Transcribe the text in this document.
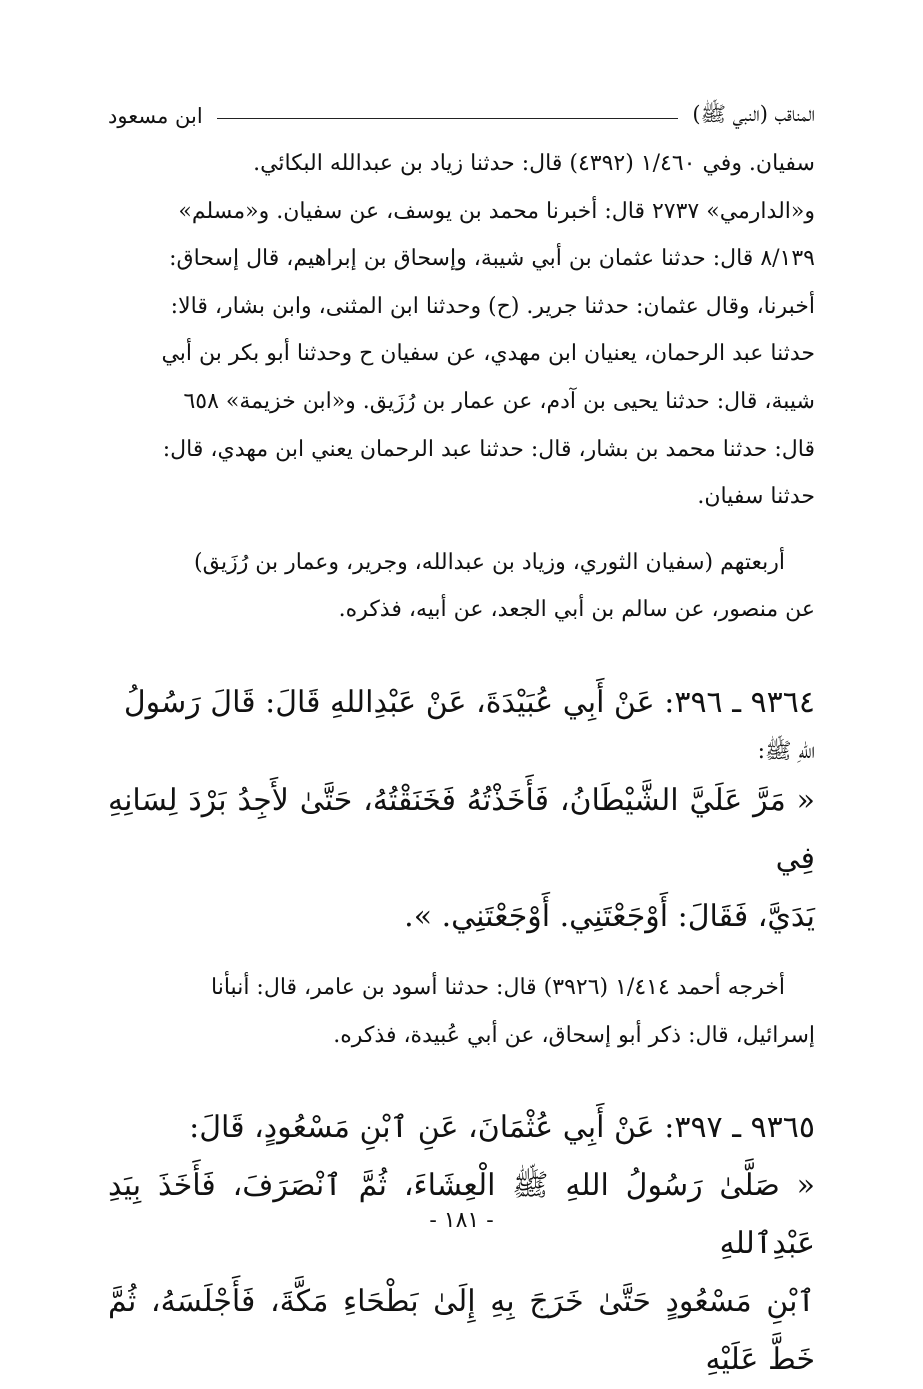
المناقب (النبي ﷺ)
ابن مسعود

سفيان. وفي ١/٤٦٠ (٤٣٩٢) قال: حدثنا زياد بن عبدالله البكائي.

و«الدارمي» ٢٧٣٧ قال: أخبرنا محمد بن يوسف، عن سفيان. و«مسلم»

٨/١٣٩ قال: حدثنا عثمان بن أبي شيبة، وإسحاق بن إبراهيم، قال إسحاق:

أخبرنا، وقال عثمان: حدثنا جرير. (ح) وحدثنا ابن المثنى، وابن بشار، قالا:

حدثنا عبد الرحمان، يعنيان ابن مهدي، عن سفيان ح وحدثنا أبو بكر بن أبي

شيبة، قال: حدثنا يحيى بن آدم، عن عمار بن رُزَيق. و«ابن خزيمة» ٦٥٨

قال: حدثنا محمد بن بشار، قال: حدثنا عبد الرحمان يعني ابن مهدي، قال:

حدثنا سفيان.

أربعتهم (سفيان الثوري، وزياد بن عبدالله، وجرير، وعمار بن رُزَيق)

عن منصور، عن سالم بن أبي الجعد، عن أبيه، فذكره.

٩٣٦٤ ـ ٣٩٦: عَنْ أَبِي عُبَيْدَةَ، عَنْ عَبْدِاللهِ قَالَ: قَالَ رَسُولُ

اللهِ ﷺ:

« مَرَّ عَلَيَّ الشَّيْطَانُ، فَأَخَذْتُهُ فَخَنَقْتُهُ، حَتَّىٰ لأَجِدُ بَرْدَ لِسَانِهِ فِي

يَدَيَّ، فَقَالَ: أَوْجَعْتَنِي. أَوْجَعْتَنِي. ».

أخرجه أحمد ١/٤١٤ (٣٩٢٦) قال: حدثنا أسود بن عامر، قال: أنبأنا

إسرائيل، قال: ذكر أبو إسحاق، عن أبي عُبيدة، فذكره.

٩٣٦٥ ـ ٣٩٧: عَنْ أَبِي عُثْمَانَ، عَنِ ٱبْنِ مَسْعُودٍ، قَالَ:

« صَلَّىٰ رَسُولُ اللهِ ﷺ الْعِشَاءَ، ثُمَّ ٱنْصَرَفَ، فَأَخَذَ بِيَدِ عَبْدِٱللهِ

ٱبْنِ مَسْعُودٍ حَتَّىٰ خَرَجَ بِهِ إِلَىٰ بَطْحَاءِ مَكَّةَ، فَأَجْلَسَهُ، ثُمَّ خَطَّ عَلَيْهِ

- ١٨١ -
